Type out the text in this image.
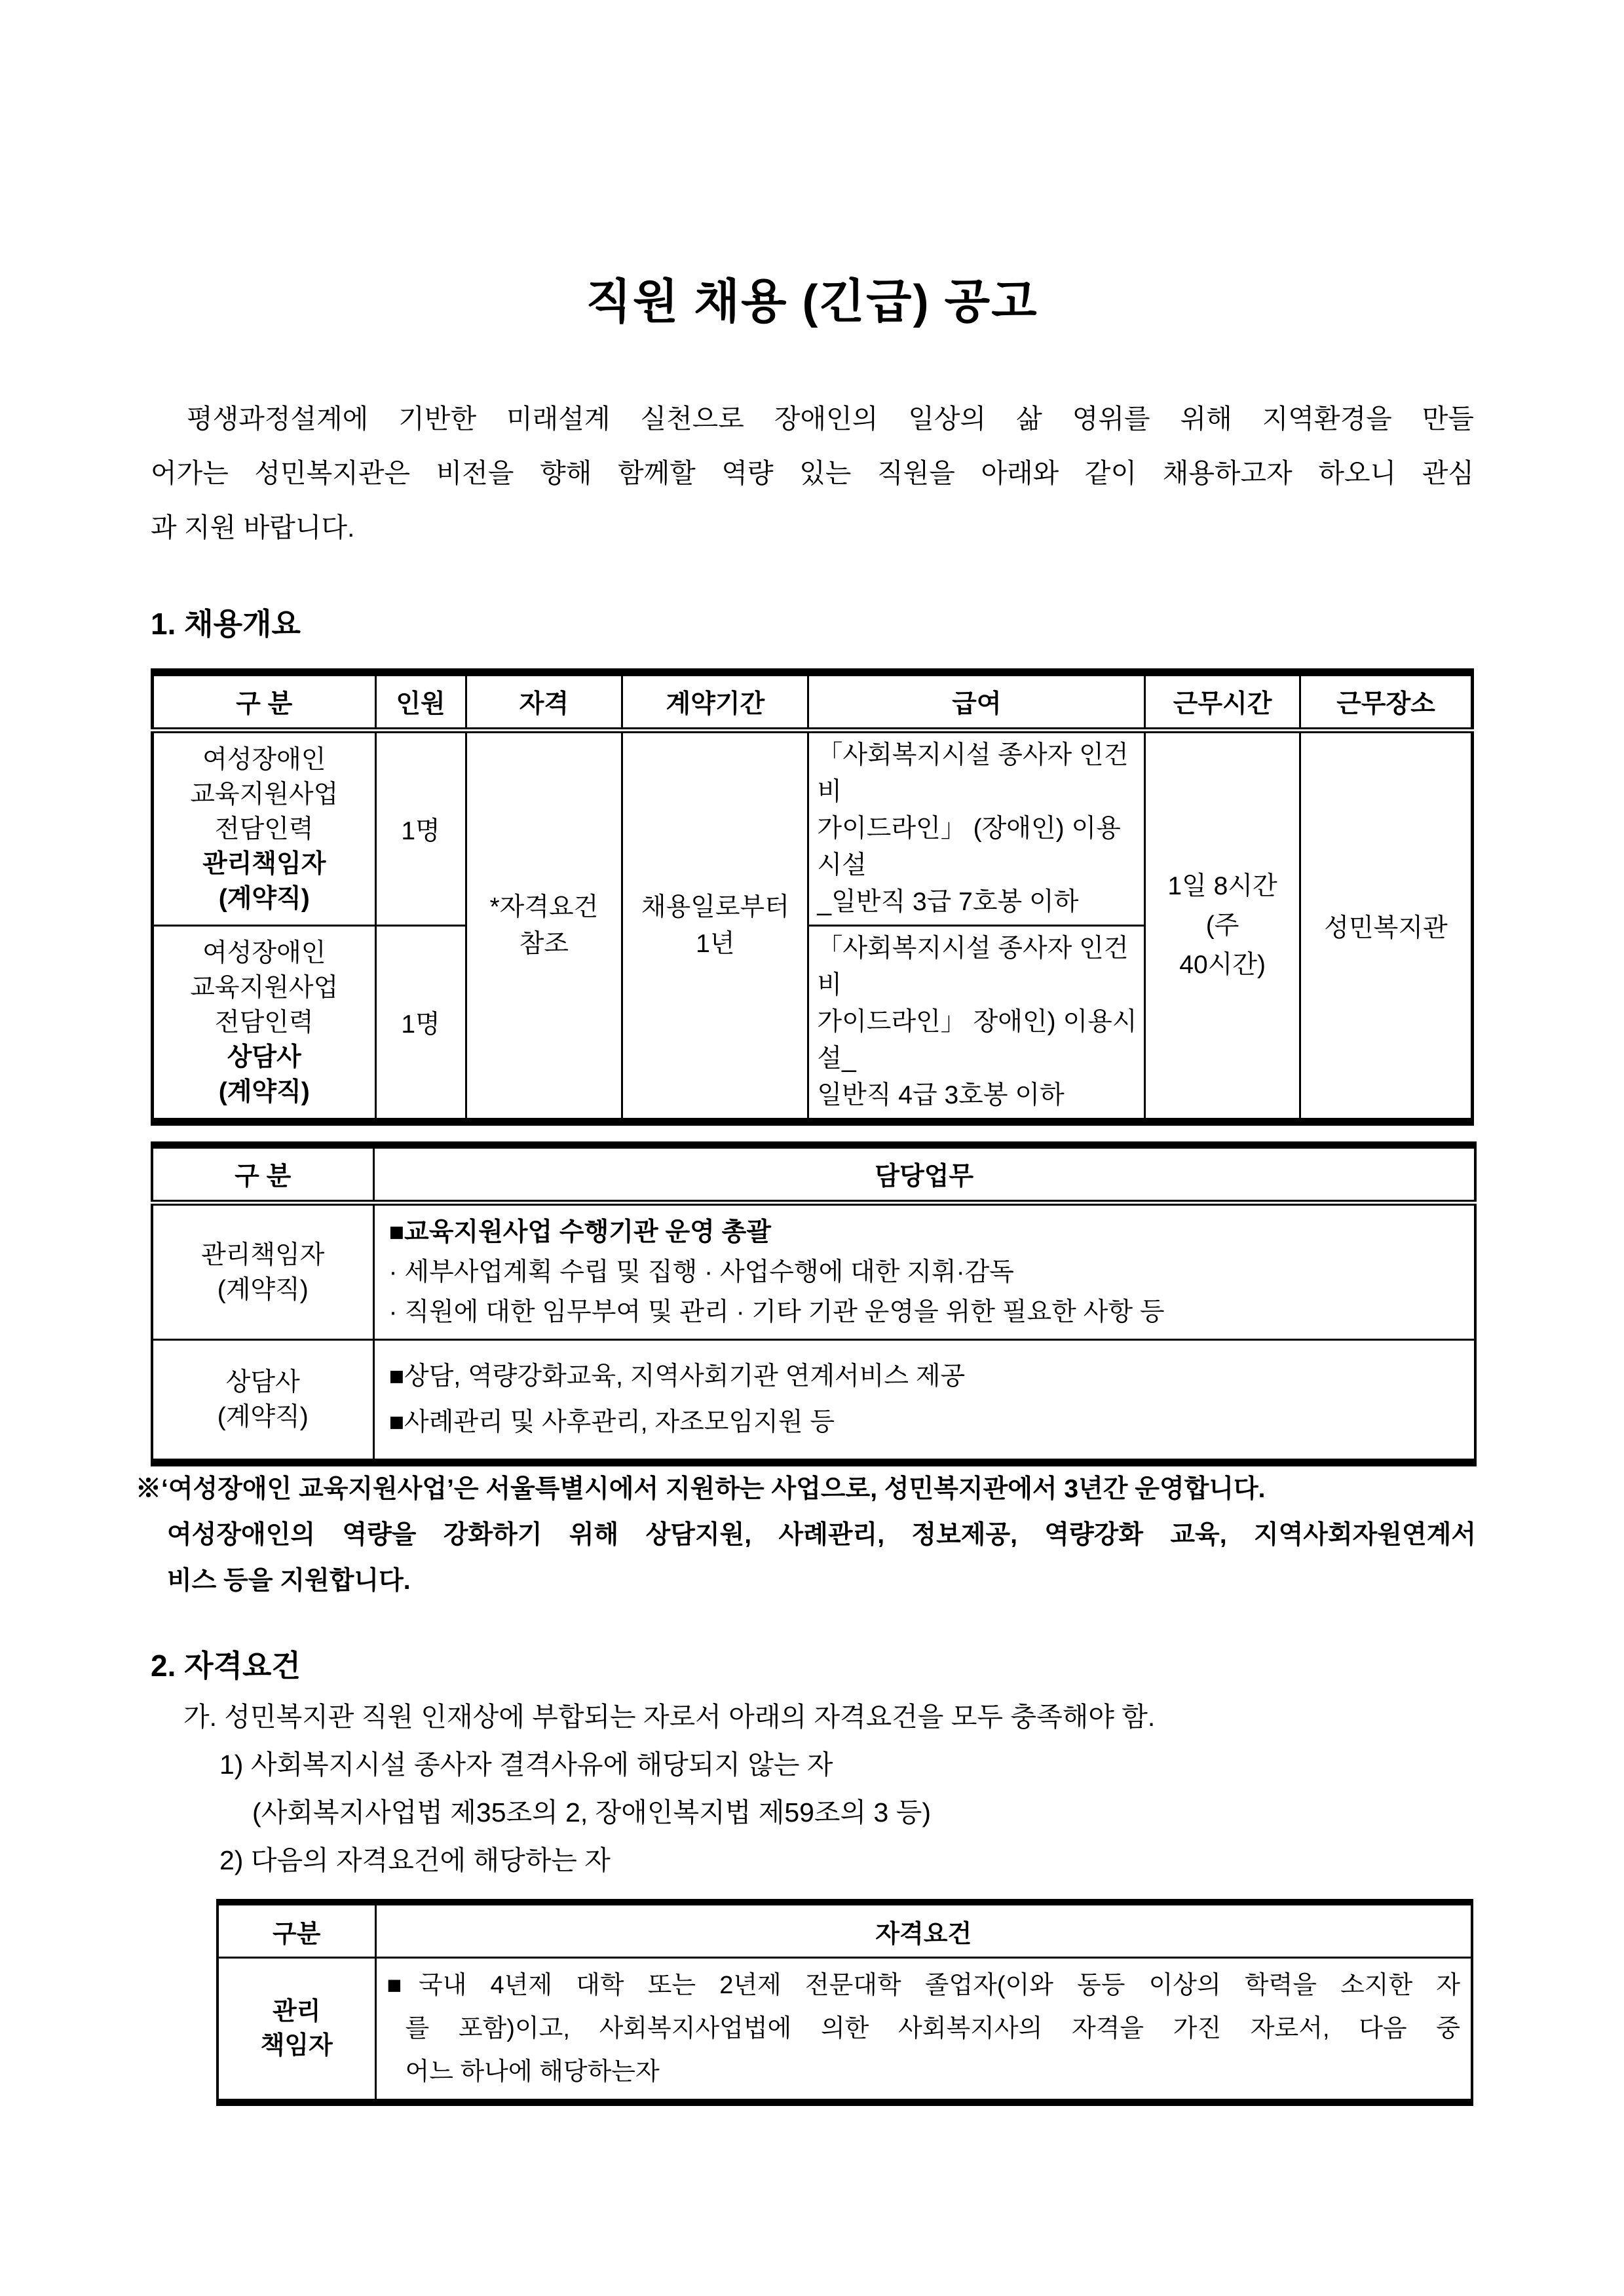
직원 채용 (긴급) 공고
평생과정설계에 기반한 미래설계 실천으로 장애인의 일상의 삶 영위를 위해 지역환경을 만들
어가는 성민복지관은 비전을 향해 함께할 역량 있는 직원을 아래와 같이 채용하고자 하오니 관심
과 지원 바랍니다.
1. 채용개요
구 분	인원	자격	계약기간	급여	근무시간	근무장소

여성장애인
교육지원사업
전담인력
관리책임자
(계약직)	1명	*자격요건
참조	채용일로부터
1년	「사회복지시설 종사자 인건비
가이드라인」 (장애인) 이용시설
_일반직 3급 7호봉 이하	1일 8시간
(주
40시간)	성민복지관

여성장애인
교육지원사업
전담인력
상담사
(계약직)	1명			「사회복지시설 종사자 인건비
가이드라인」 장애인) 이용시설_
일반직 4급 3호봉 이하		
구 분	담당업무

관리책임자
(계약직)	■교육지원사업 수행기관 운영 총괄
· 세부사업계획 수립 및 집행 · 사업수행에 대한 지휘·감독
· 직원에 대한 임무부여 및 관리 · 기타 기관 운영을 위한 필요한 사항 등

상담사
(계약직)	■상담, 역량강화교육, 지역사회기관 연계서비스 제공
■사례관리 및 사후관리, 자조모임지원 등
※‘여성장애인 교육지원사업’은 서울특별시에서 지원하는 사업으로, 성민복지관에서 3년간 운영합니다.
여성장애인의 역량을 강화하기 위해 상담지원, 사례관리, 정보제공, 역량강화 교육, 지역사회자원연계서
비스 등을 지원합니다.
2. 자격요건
가. 성민복지관 직원 인재상에 부합되는 자로서 아래의 자격요건을 모두 충족해야 함.
1) 사회복지시설 종사자 결격사유에 해당되지 않는 자
(사회복지사업법 제35조의 2, 장애인복지법 제59조의 3 등)
2) 다음의 자격요건에 해당하는 자
구분	자격요건

관리
책임자	■국내 4년제 대학 또는 2년제 전문대학 졸업자(이와 동등 이상의 학력을 소지한 자
를 포함)이고, 사회복지사업법에 의한 사회복지사의 자격을 가진 자로서, 다음 중
어느 하나에 해당하는자
